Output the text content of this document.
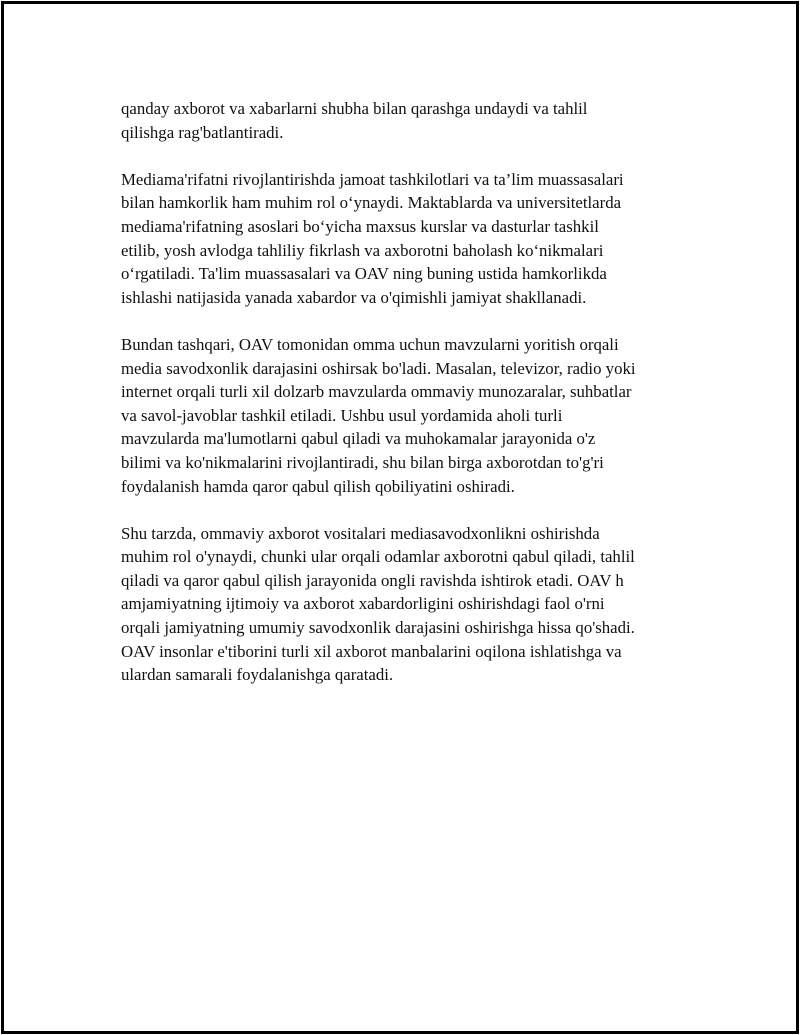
qanday axborot va xabarlarni shubha bilan qarashga undaydi va tahlil
qilishga rag'batlantiradi.

Mediama'rifatni rivojlantirishda jamoat tashkilotlari va ta’lim muassasalari
bilan hamkorlik ham muhim rol oʻynaydi. Maktablarda va universitetlarda
mediama'rifatning asoslari boʻyicha maxsus kurslar va dasturlar tashkil
etilib, yosh avlodga tahliliy fikrlash va axborotni baholash koʻnikmalari
oʻrgatiladi. Ta'lim muassasalari va OAV ning buning ustida hamkorlikda
ishlashi natijasida yanada xabardor va o'qimishli jamiyat shakllanadi.

Bundan tashqari, OAV tomonidan omma uchun mavzularni yoritish orqali
media savodxonlik darajasini oshirsak bo'ladi. Masalan, televizor, radio yoki
internet orqali turli xil dolzarb mavzularda ommaviy munozaralar, suhbatlar
va savol-javoblar tashkil etiladi. Ushbu usul yordamida aholi turli
mavzularda ma'lumotlarni qabul qiladi va muhokamalar jarayonida o'z
bilimi va ko'nikmalarini rivojlantiradi, shu bilan birga axborotdan to'g'ri
foydalanish hamda qaror qabul qilish qobiliyatini oshiradi.

Shu tarzda, ommaviy axborot vositalari mediasavodxonlikni oshirishda
muhim rol o'ynaydi, chunki ular orqali odamlar axborotni qabul qiladi, tahlil
qiladi va qaror qabul qilish jarayonida ongli ravishda ishtirok etadi. OAV h
amjamiyatning ijtimoiy va axborot xabardorligini oshirishdagi faol o'rni
orqali jamiyatning umumiy savodxonlik darajasini oshirishga hissa qo'shadi.
OAV insonlar e'tiborini turli xil axborot manbalarini oqilona ishlatishga va
ulardan samarali foydalanishga qaratadi.
